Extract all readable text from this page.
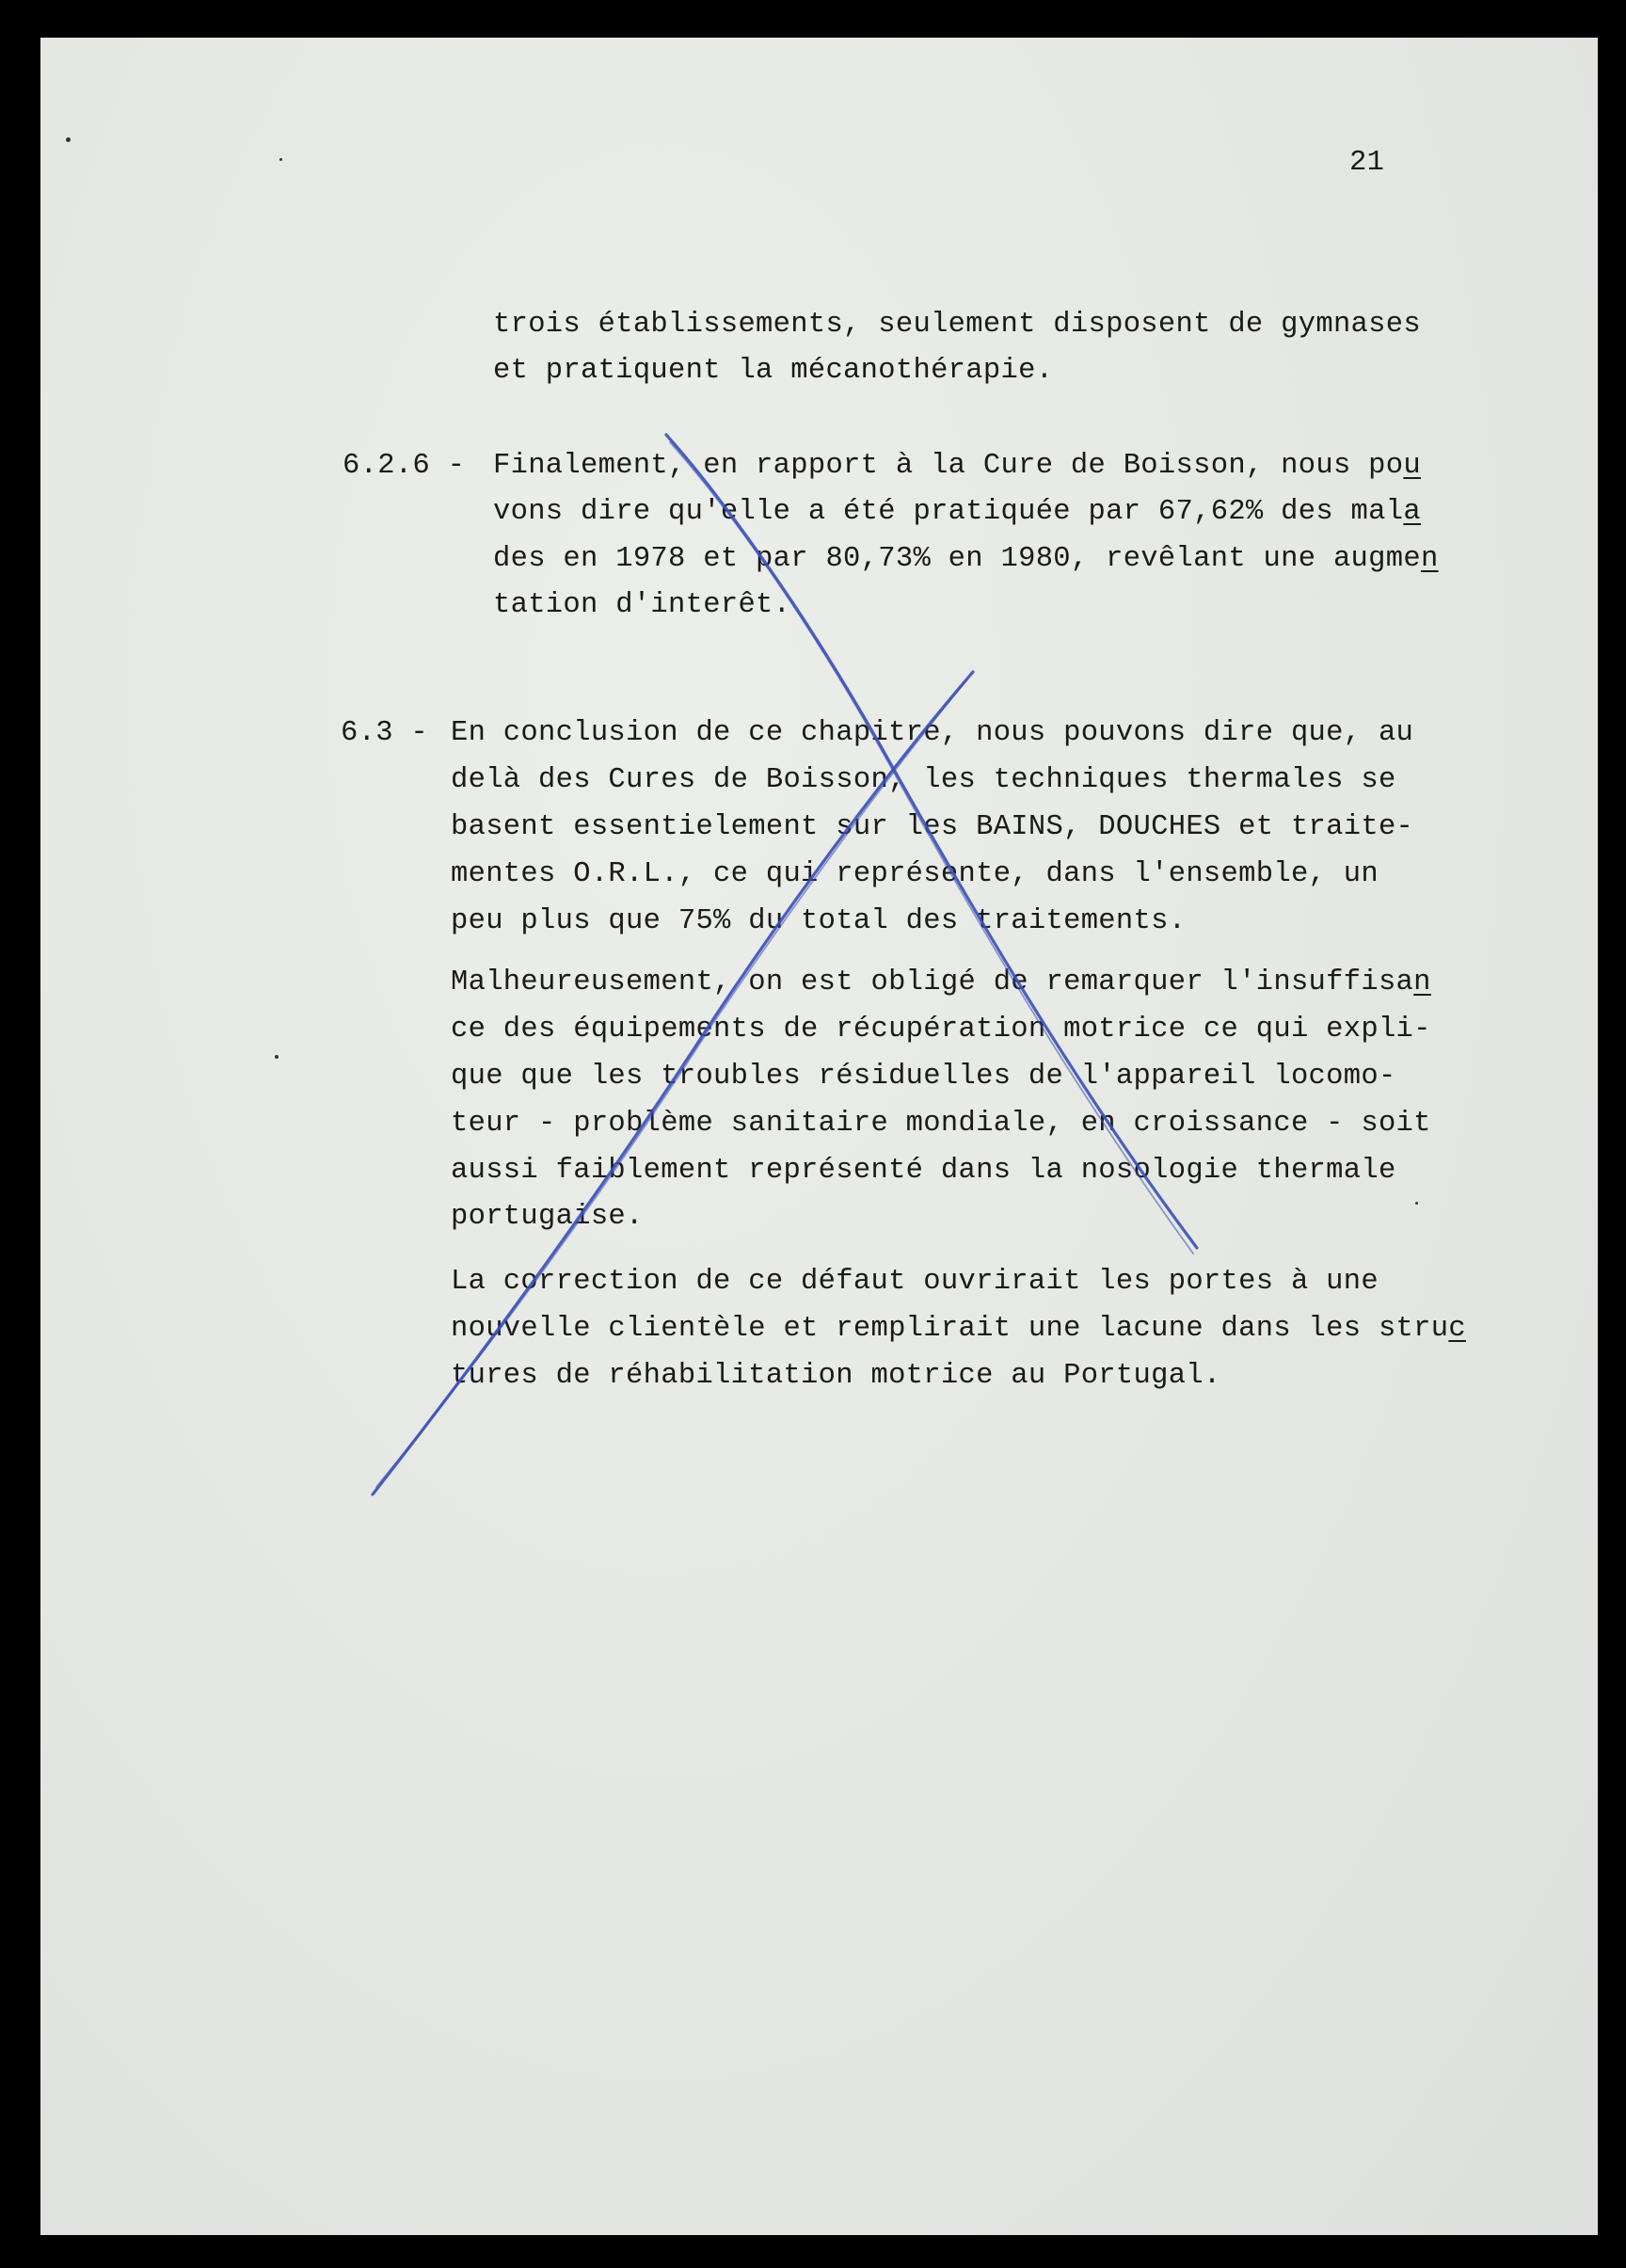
21

trois établissements, seulement disposent de gymnases

et pratiquent la mécanothérapie.

6.2.6 -

Finalement, en rapport à la Cure de Boisson, nous pou

vons dire qu'elle a été pratiquée par 67,62% des mala

des en 1978 et par 80,73% en 1980, revêlant une augmen

tation d'interêt.

6.3 -

En conclusion de ce chapitre, nous pouvons dire que, au

delà des Cures de Boisson, les techniques thermales se

basent essentielement sur les BAINS, DOUCHES et traite-

mentes O.R.L., ce qui représente, dans l'ensemble, un

peu plus que 75% du total des traitements.

Malheureusement, on est obligé de remarquer l'insuffisan

ce des équipements de récupération motrice ce qui expli-

que que les troubles résiduelles de l'appareil locomo-

teur - problème sanitaire mondiale, en croissance - soit

aussi faiblement représenté dans la nosologie thermale

portugaise.

La correction de ce défaut ouvrirait les portes à une

nouvelle clientèle et remplirait une lacune dans les struc

tures de réhabilitation motrice au Portugal.
